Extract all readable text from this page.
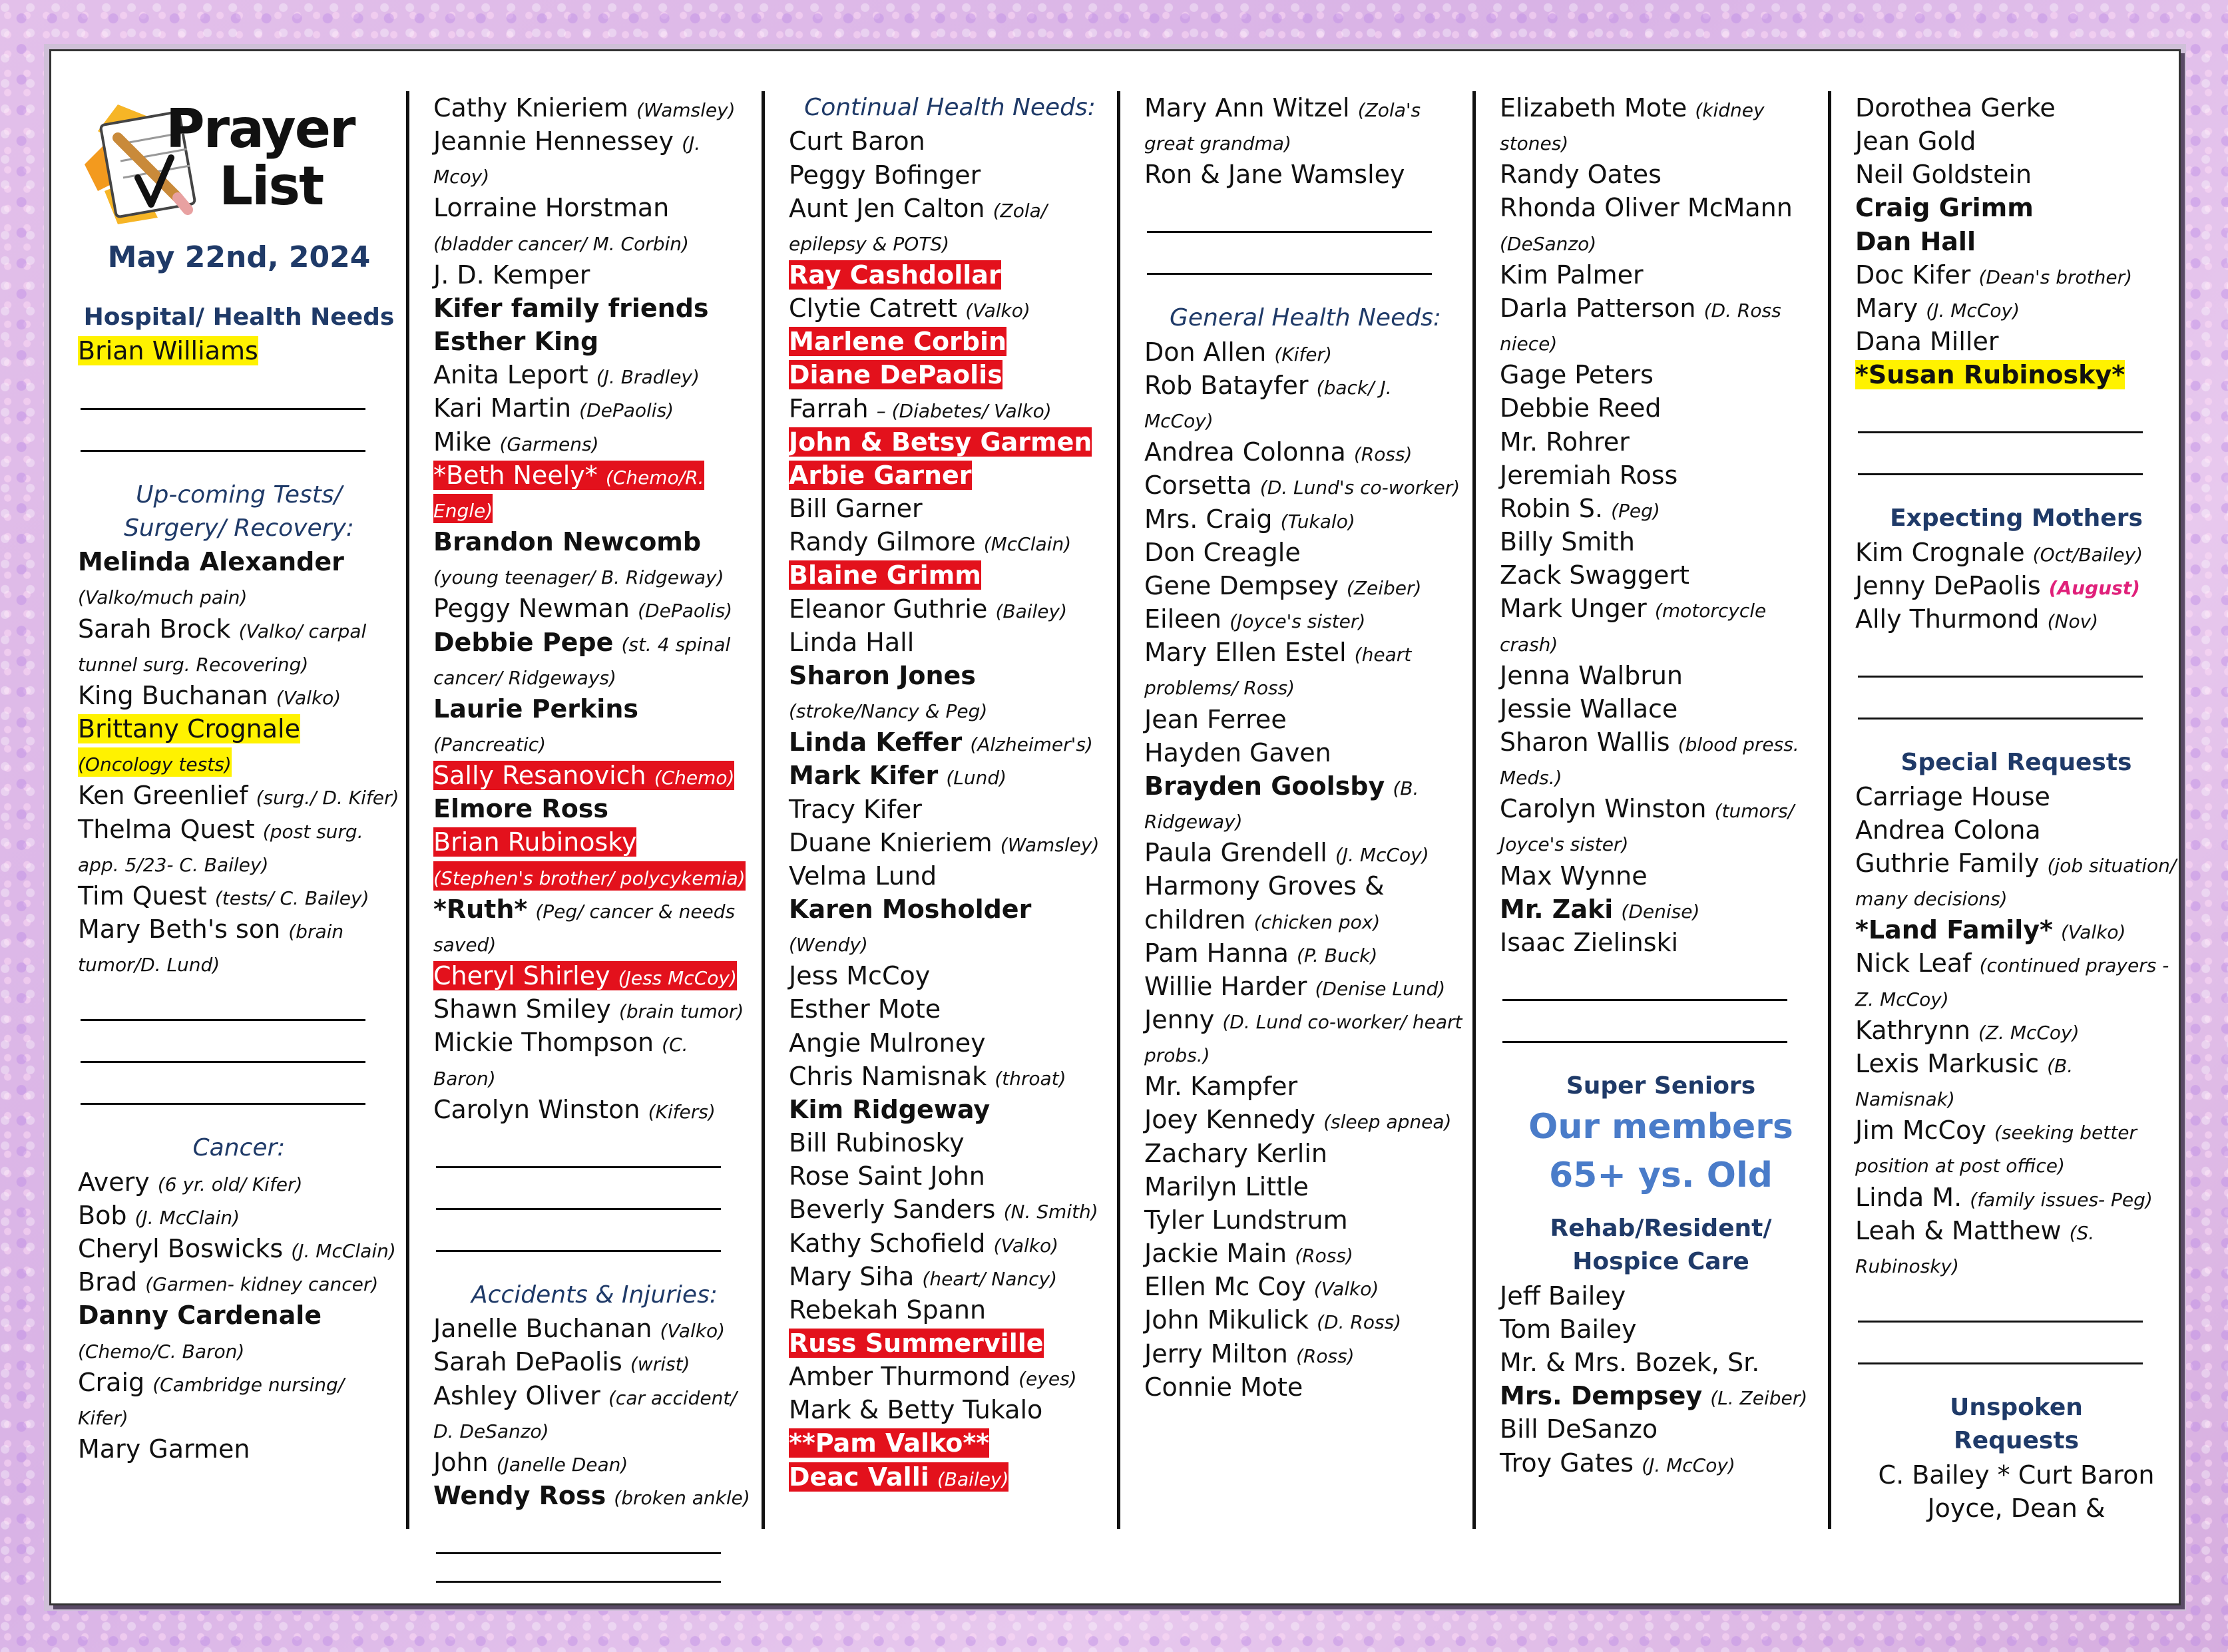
Prayer
List
May 22nd, 2024
Hospital/ Health Needs
Brian Williams
Up-coming Tests/
Surgery/ Recovery:
Melinda Alexander
(Valko/much pain)
Sarah Brock (Valko/ carpal tunnel surg. Recovering)
King Buchanan (Valko)
Brittany Crognale
(Oncology tests)
Ken Greenlief (surg./ D. Kifer)
Thelma Quest (post surg. app. 5/23- C. Bailey)
Tim Quest (tests/ C. Bailey)
Mary Beth's son (brain tumor/D. Lund)
Cancer:
Avery (6 yr. old/ Kifer)
Bob (J. McClain)
Cheryl Boswicks (J. McClain)
Brad (Garmen- kidney cancer)
Danny Cardenale
(Chemo/C. Baron)
Craig (Cambridge nursing/ Kifer)
Mary Garmen
Cathy Knieriem (Wamsley)
Jeannie Hennessey (J. Mcoy)
Lorraine Horstman
(bladder cancer/ M. Corbin)
J. D. Kemper
Kifer family friends
Esther King
Anita Leport (J. Bradley)
Kari Martin (DePaolis)
Mike (Garmens)
*Beth Neely* (Chemo/R. Engle)
Brandon Newcomb
(young teenager/ B. Ridgeway)
Peggy Newman (DePaolis)
Debbie Pepe (st. 4 spinal cancer/ Ridgeways)
Laurie Perkins (Pancreatic)
Sally Resanovich (Chemo)
Elmore Ross
Brian Rubinosky
(Stephen's brother/ polycykemia)
*Ruth* (Peg/ cancer & needs saved)
Cheryl Shirley (Jess McCoy)
Shawn Smiley (brain tumor)
Mickie Thompson (C. Baron)
Carolyn Winston (Kifers)
Accidents & Injuries:
Janelle Buchanan (Valko)
Sarah DePaolis (wrist)
Ashley Oliver (car accident/ D. DeSanzo)
John (Janelle Dean)
Wendy Ross (broken ankle)
Continual Health Needs:
Curt Baron
Peggy Bofinger
Aunt Jen Calton (Zola/ epilepsy & POTS)
Ray Cashdollar
Clytie Catrett (Valko)
Marlene Corbin
Diane DePaolis
Farrah – (Diabetes/ Valko)
John & Betsy Garmen
Arbie Garner
Bill Garner
Randy Gilmore (McClain)
Blaine Grimm
Eleanor Guthrie (Bailey)
Linda Hall
Sharon Jones (stroke/Nancy & Peg)
Linda Keffer (Alzheimer's)
Mark Kifer (Lund)
Tracy Kifer
Duane Knieriem (Wamsley)
Velma Lund
Karen Mosholder (Wendy)
Jess McCoy
Esther Mote
Angie Mulroney
Chris Namisnak (throat)
Kim Ridgeway
Bill Rubinosky
Rose Saint John
Beverly Sanders (N. Smith)
Kathy Schofield (Valko)
Mary Siha (heart/ Nancy)
Rebekah Spann
Russ Summerville
Amber Thurmond (eyes)
Mark & Betty Tukalo
**Pam Valko**
Deac Valli (Bailey)
Mary Ann Witzel (Zola's great grandma)
Ron & Jane Wamsley
General Health Needs:
Don Allen (Kifer)
Rob Batayfer (back/ J. McCoy)
Andrea Colonna (Ross)
Corsetta (D. Lund's co-worker)
Mrs. Craig (Tukalo)
Don Creagle
Gene Dempsey (Zeiber)
Eileen (Joyce's sister)
Mary Ellen Estel (heart problems/ Ross)
Jean Ferree
Hayden Gaven
Brayden Goolsby (B. Ridgeway)
Paula Grendell (J. McCoy)
Harmony Groves &
children (chicken pox)
Pam Hanna (P. Buck)
Willie Harder (Denise Lund)
Jenny (D. Lund co-worker/ heart probs.)
Mr. Kampfer
Joey Kennedy (sleep apnea)
Zachary Kerlin
Marilyn Little
Tyler Lundstrum
Jackie Main (Ross)
Ellen Mc Coy (Valko)
John Mikulick (D. Ross)
Jerry Milton (Ross)
Connie Mote
Elizabeth Mote (kidney stones)
Randy Oates
Rhonda Oliver McMann
(DeSanzo)
Kim Palmer
Darla Patterson (D. Ross niece)
Gage Peters
Debbie Reed
Mr. Rohrer
Jeremiah Ross
Robin S. (Peg)
Billy Smith
Zack Swaggert
Mark Unger (motorcycle crash)
Jenna Walbrun
Jessie Wallace
Sharon Wallis (blood press. Meds.)
Carolyn Winston (tumors/ Joyce's sister)
Max Wynne
Mr. Zaki (Denise)
Isaac Zielinski
Super Seniors
Our members
65+ ys. Old
Rehab/Resident/
Hospice Care
Jeff Bailey
Tom Bailey
Mr. & Mrs. Bozek, Sr.
Mrs. Dempsey (L. Zeiber)
Bill DeSanzo
Troy Gates (J. McCoy)
Dorothea Gerke
Jean Gold
Neil Goldstein
Craig Grimm
Dan Hall
Doc Kifer (Dean's brother)
Mary (J. McCoy)
Dana Miller
*Susan Rubinosky*
Expecting Mothers
Kim Crognale (Oct/Bailey)
Jenny DePaolis (August)
Ally Thurmond (Nov)
Special Requests
Carriage House
Andrea Colona
Guthrie Family (job situation/ many decisions)
*Land Family* (Valko)
Nick Leaf (continued prayers - Z. McCoy)
Kathrynn (Z. McCoy)
Lexis Markusic (B. Namisnak)
Jim McCoy (seeking better position at post office)
Linda M. (family issues- Peg)
Leah & Matthew (S. Rubinosky)
Unspoken
Requests
C. Bailey * Curt Baron
Joyce, Dean &
